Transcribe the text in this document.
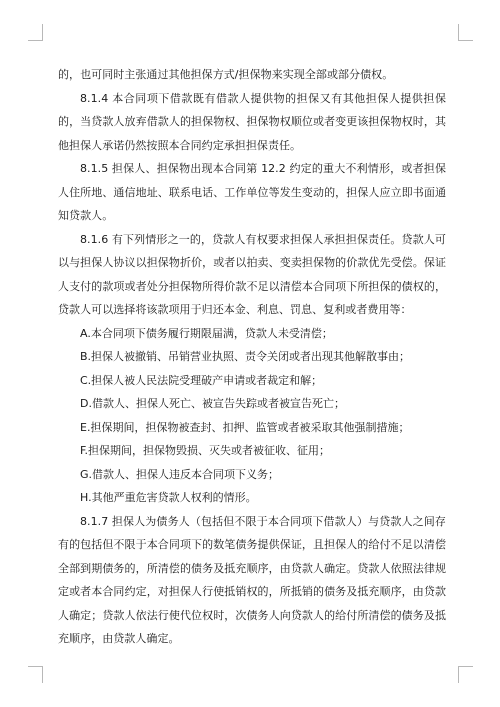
的，也可同时主张通过其他担保方式/担保物来实现全部或部分债权。

8.1.4 本合同项下借款既有借款人提供物的担保又有其他担保人提供担保的，当贷款人放弃借款人的担保物权、担保物权顺位或者变更该担保物权时，其他担保人承诺仍然按照本合同约定承担担保责任。

8.1.5 担保人、担保物出现本合同第 12.2 约定的重大不利情形，或者担保人住所地、通信地址、联系电话、工作单位等发生变动的，担保人应立即书面通知贷款人。

8.1.6 有下列情形之一的，贷款人有权要求担保人承担担保责任。贷款人可以与担保人协议以担保物折价，或者以拍卖、变卖担保物的价款优先受偿。保证人支付的款项或者处分担保物所得价款不足以清偿本合同项下所担保的债权的，贷款人可以选择将该款项用于归还本金、利息、罚息、复利或者费用等：

A.本合同项下债务履行期限届满，贷款人未受清偿；

B.担保人被撤销、吊销营业执照、责令关闭或者出现其他解散事由；

C.担保人被人民法院受理破产申请或者裁定和解；

D.借款人、担保人死亡、被宣告失踪或者被宣告死亡；

E.担保期间，担保物被查封、扣押、监管或者被采取其他强制措施；

F.担保期间，担保物毁损、灭失或者被征收、征用；

G.借款人、担保人违反本合同项下义务；

H.其他严重危害贷款人权利的情形。

8.1.7 担保人为债务人（包括但不限于本合同项下借款人）与贷款人之间存有的包括但不限于本合同项下的数笔债务提供保证，且担保人的给付不足以清偿全部到期债务的，所清偿的债务及抵充顺序，由贷款人确定。贷款人依照法律规定或者本合同约定，对担保人行使抵销权的，所抵销的债务及抵充顺序，由贷款人确定；贷款人依法行使代位权时，次债务人向贷款人的给付所清偿的债务及抵充顺序，由贷款人确定。
